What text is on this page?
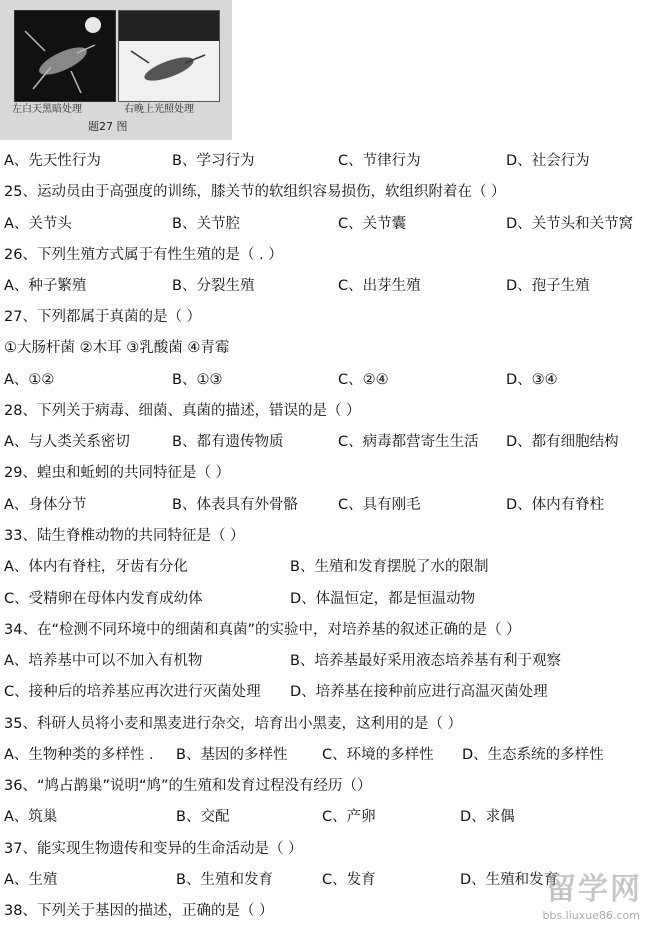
左白天黑暗处理	右晚上光照处理
题27 图
A、先天性行为	B、学习行为	C、节律行为	D、社会行为
25、运动员由于高强度的训练，膝关节的软组织容易损伤，软组织附着在（ ）
A、关节头	B、关节腔	C、关节囊	D、关节头和关节窝
26、下列生殖方式属于有性生殖的是（ . ）
A、种子繁殖	B、分裂生殖	C、出芽生殖	D、孢子生殖
27、下列都属于真菌的是（ ）
①大肠杆菌 ②木耳 ③乳酸菌 ④青霉
A、①②	B、①③	C、②④	D、③④
28、下列关于病毒、细菌、真菌的描述，错误的是（ ）
A、与人类关系密切	B、都有遗传物质	C、病毒都营寄生生活 D、都有细胞结构
29、蝗虫和蚯蚓的共同特征是（ ）
A、身体分节	B、体表具有外骨骼	C、具有刚毛	D、体内有脊柱
33、陆生脊椎动物的共同特征是（ ）
A、体内有脊柱，牙齿有分化	B、生殖和发育摆脱了水的限制
C、受精卵在母体内发育成幼体	D、体温恒定，都是恒温动物
34、在“检测不同环境中的细菌和真菌”的实验中，对培养基的叙述正确的是（ ）
A、培养基中可以不加入有机物	B、培养基最好采用液态培养基有利于观察
C、接种后的培养基应再次进行灭菌处理 D、培养基在接种前应进行高温灭菌处理
35、科研人员将小麦和黑麦进行杂交，培育出小黑麦，这利用的是（ ）
A、生物种类的多样性 . B、基因的多样性 C、环境的多样性 D、生态系统的多样性
36、“鸠占鹊巢”说明“鸠”的生殖和发育过程没有经历（）
A、筑巢	B、交配	C、产卵	D、求偶
37、能实现生物遗传和变异的生命活动是（ ）
A、生殖	B、生殖和发育	C、发育	D、生殖和发育
38、下列关于基因的描述，正确的是（ ）
留学网
bbs.liuxue86.com
